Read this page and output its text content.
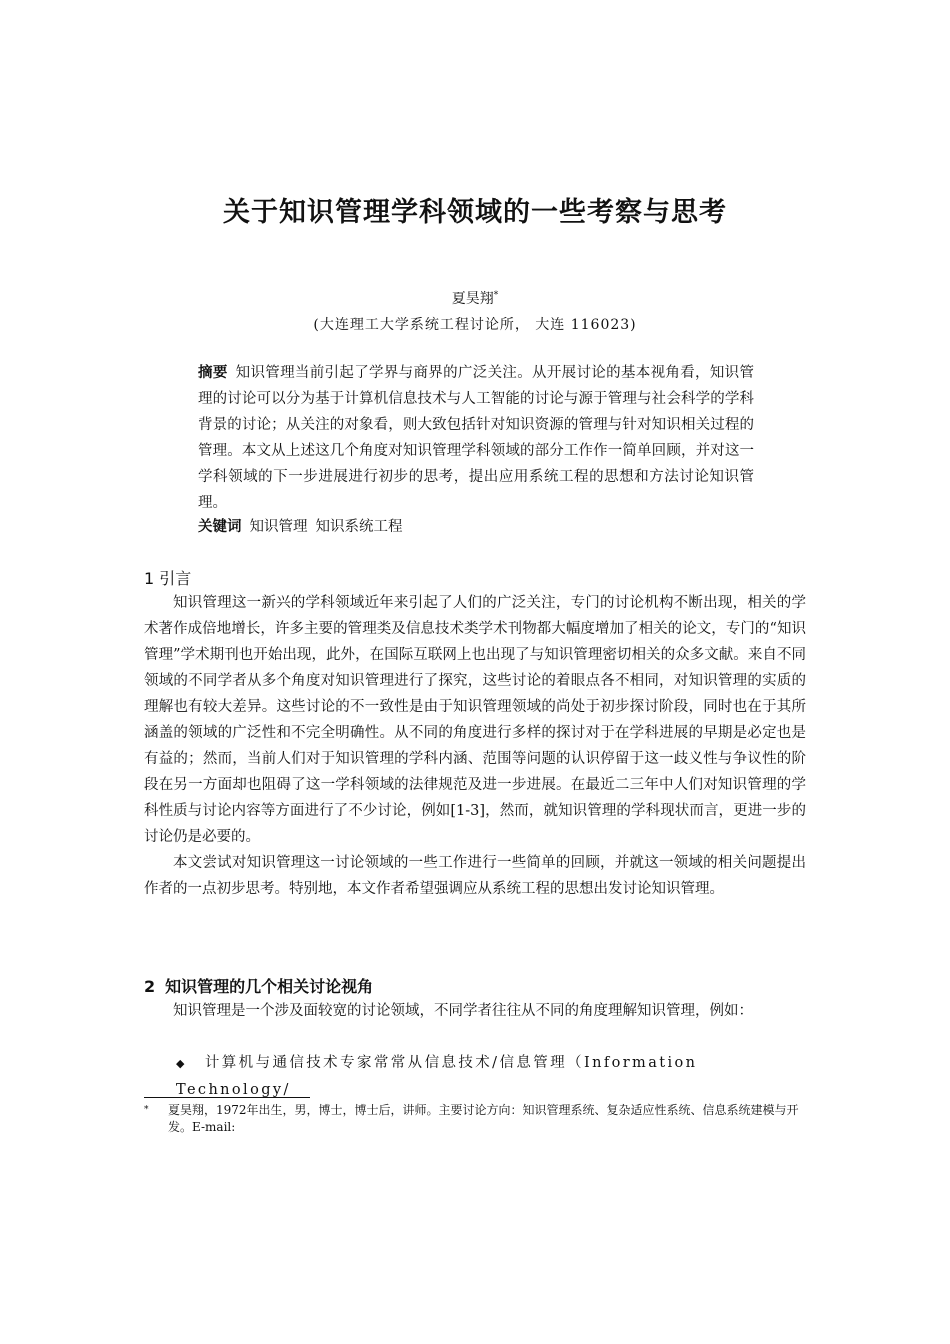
关于知识管理学科领域的一些考察与思考
夏昊翔*
(大连理工大学系统工程讨论所， 大连 116023)
摘要 知识管理当前引起了学界与商界的广泛关注。从开展讨论的基本视角看，知识管理的讨论可以分为基于计算机信息技术与人工智能的讨论与源于管理与社会科学的学科背景的讨论；从关注的对象看，则大致包括针对知识资源的管理与针对知识相关过程的管理。本文从上述这几个角度对知识管理学科领域的部分工作作一简单回顾，并对这一学科领域的下一步进展进行初步的思考，提出应用系统工程的思想和方法讨论知识管理。
关键词 知识管理 知识系统工程
1 引言

知识管理这一新兴的学科领域近年来引起了人们的广泛关注，专门的讨论机构不断出现，相关的学术著作成倍地增长，许多主要的管理类及信息技术类学术刊物都大幅度增加了相关的论文，专门的“知识管理”学术期刊也开始出现，此外，在国际互联网上也出现了与知识管理密切相关的众多文献。来自不同领域的不同学者从多个角度对知识管理进行了探究，这些讨论的着眼点各不相同，对知识管理的实质的理解也有较大差异。这些讨论的不一致性是由于知识管理领域的尚处于初步探讨阶段，同时也在于其所涵盖的领域的广泛性和不完全明确性。从不同的角度进行多样的探讨对于在学科进展的早期是必定也是有益的；然而，当前人们对于知识管理的学科内涵、范围等问题的认识停留于这一歧义性与争议性的阶段在另一方面却也阻碍了这一学科领域的法律规范及进一步进展。在最近二三年中人们对知识管理的学科性质与讨论内容等方面进行了不少讨论，例如[1-3]，然而，就知识管理的学科现状而言，更进一步的讨论仍是必要的。

本文尝试对知识管理这一讨论领域的一些工作进行一些简单的回顾，并就这一领域的相关问题提出作者的一点初步思考。特别地，本文作者希望强调应从系统工程的思想出发讨论知识管理。

2 知识管理的几个相关讨论视角

知识管理是一个涉及面较宽的讨论领域，不同学者往往从不同的角度理解知识管理，例如：

◆ 计算机与通信技术专家常常从信息技术/信息管理（Information Technology/
* 夏昊翔，1972年出生，男，博士，博士后，讲师。主要讨论方向：知识管理系统、复杂适应性系统、信息系统建模与开发。E-mail:
